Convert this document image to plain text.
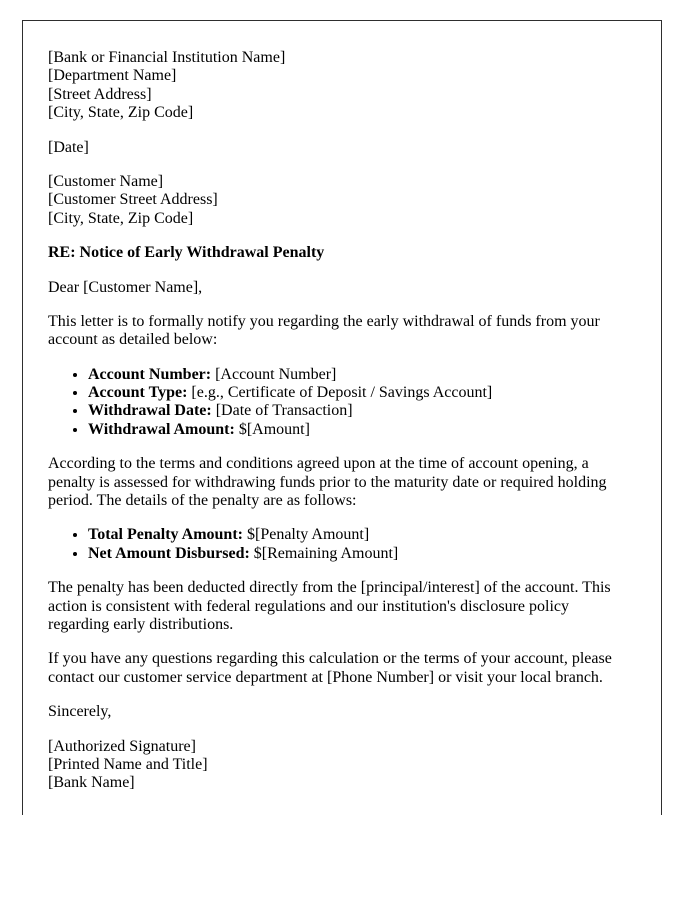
[Bank or Financial Institution Name]
[Department Name]
[Street Address]
[City, State, Zip Code]

[Date]

[Customer Name]
[Customer Street Address]
[City, State, Zip Code]

RE: Notice of Early Withdrawal Penalty

Dear [Customer Name],

This letter is to formally notify you regarding the early withdrawal of funds from your account as detailed below:

• Account Number: [Account Number]
• Account Type: [e.g., Certificate of Deposit / Savings Account]
• Withdrawal Date: [Date of Transaction]
• Withdrawal Amount: $[Amount]

According to the terms and conditions agreed upon at the time of account opening, a penalty is assessed for withdrawing funds prior to the maturity date or required holding period. The details of the penalty are as follows:

• Total Penalty Amount: $[Penalty Amount]
• Net Amount Disbursed: $[Remaining Amount]

The penalty has been deducted directly from the [principal/interest] of the account. This action is consistent with federal regulations and our institution's disclosure policy regarding early distributions.

If you have any questions regarding this calculation or the terms of your account, please contact our customer service department at [Phone Number] or visit your local branch.

Sincerely,

[Authorized Signature]
[Printed Name and Title]
[Bank Name]
